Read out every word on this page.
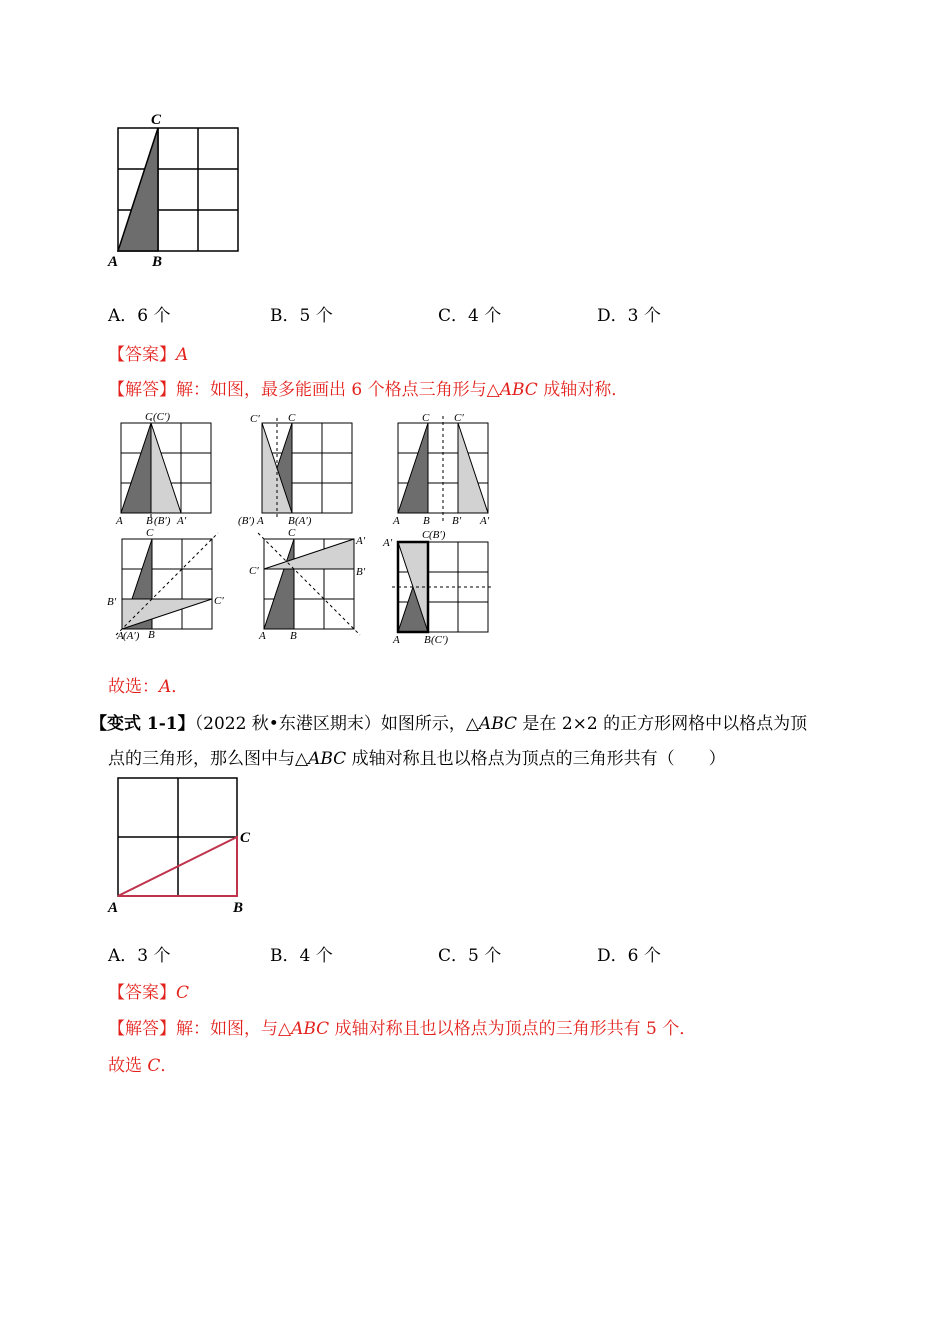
C
A B
A．6 个	B．5 个	C．4 个	D．3 个
【答案】A
【解答】解：如图，最多能画出 6 个格点三角形与△ABC 成轴对称．
C (C′)
A B (B′) A′
C′	C
(B′) A B (A′)
C C′
A B B′ A′
C
B′	C′
A (A′) B
C
A′
C′	B′
A B
A′
C (B′)
A B (C′)
故选：A．
【变式 1-1】（2022 秋•东港区期末）如图所示，△ABC 是在 2×2 的正方形网格中以格点为顶
点的三角形，那么图中与△ABC 成轴对称且也以格点为顶点的三角形共有（　　）
C
A	B
A．3 个	B．4 个	C．5 个	D．6 个
【答案】C
【解答】解：如图，与△ABC 成轴对称且也以格点为顶点的三角形共有 5 个．
故选 C．
